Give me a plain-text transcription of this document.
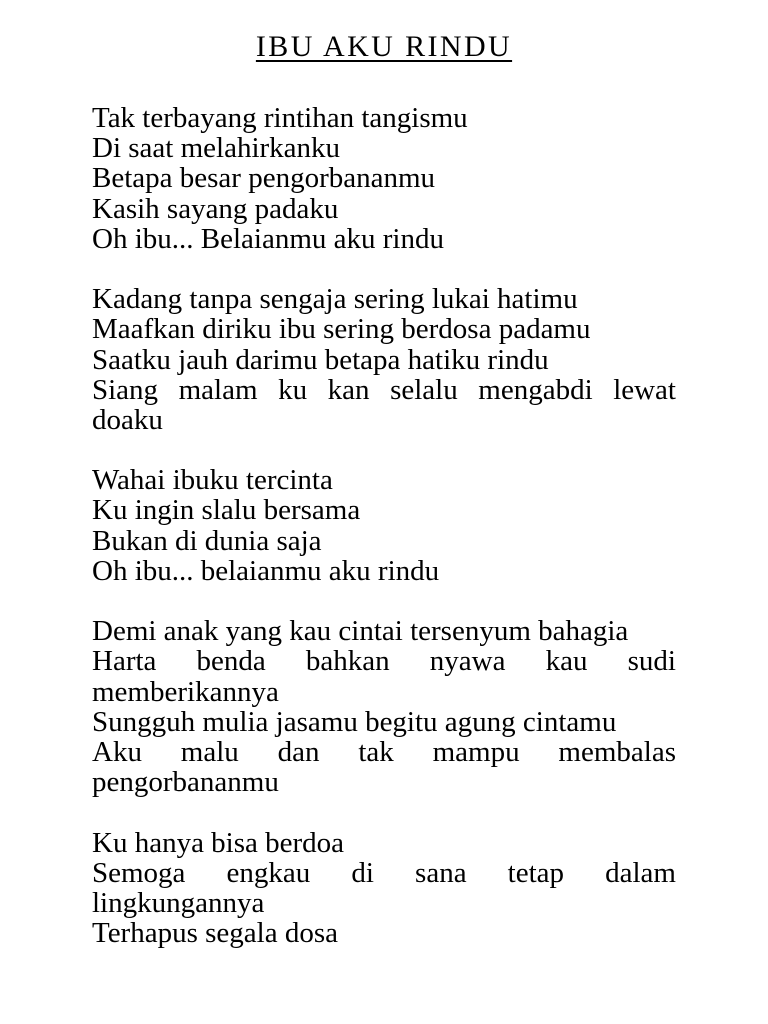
IBU AKU RINDU
Tak terbayang rintihan tangismu
Di saat melahirkanku
Betapa besar pengorbananmu
Kasih sayang padaku
Oh ibu... Belaianmu aku rindu
Kadang tanpa sengaja sering lukai hatimu
Maafkan diriku ibu sering berdosa padamu
Saatku jauh darimu betapa hatiku rindu
Siang malam ku kan selalu mengabdi lewat
doaku
Wahai ibuku tercinta
Ku ingin slalu bersama
Bukan di dunia saja
Oh ibu... belaianmu aku rindu
Demi anak yang kau cintai tersenyum bahagia
Harta benda bahkan nyawa kau sudi
memberikannya
Sungguh mulia jasamu begitu agung cintamu
Aku malu dan tak mampu membalas
pengorbananmu
Ku hanya bisa berdoa
Semoga engkau di sana tetap dalam
lingkungannya
Terhapus segala dosa
